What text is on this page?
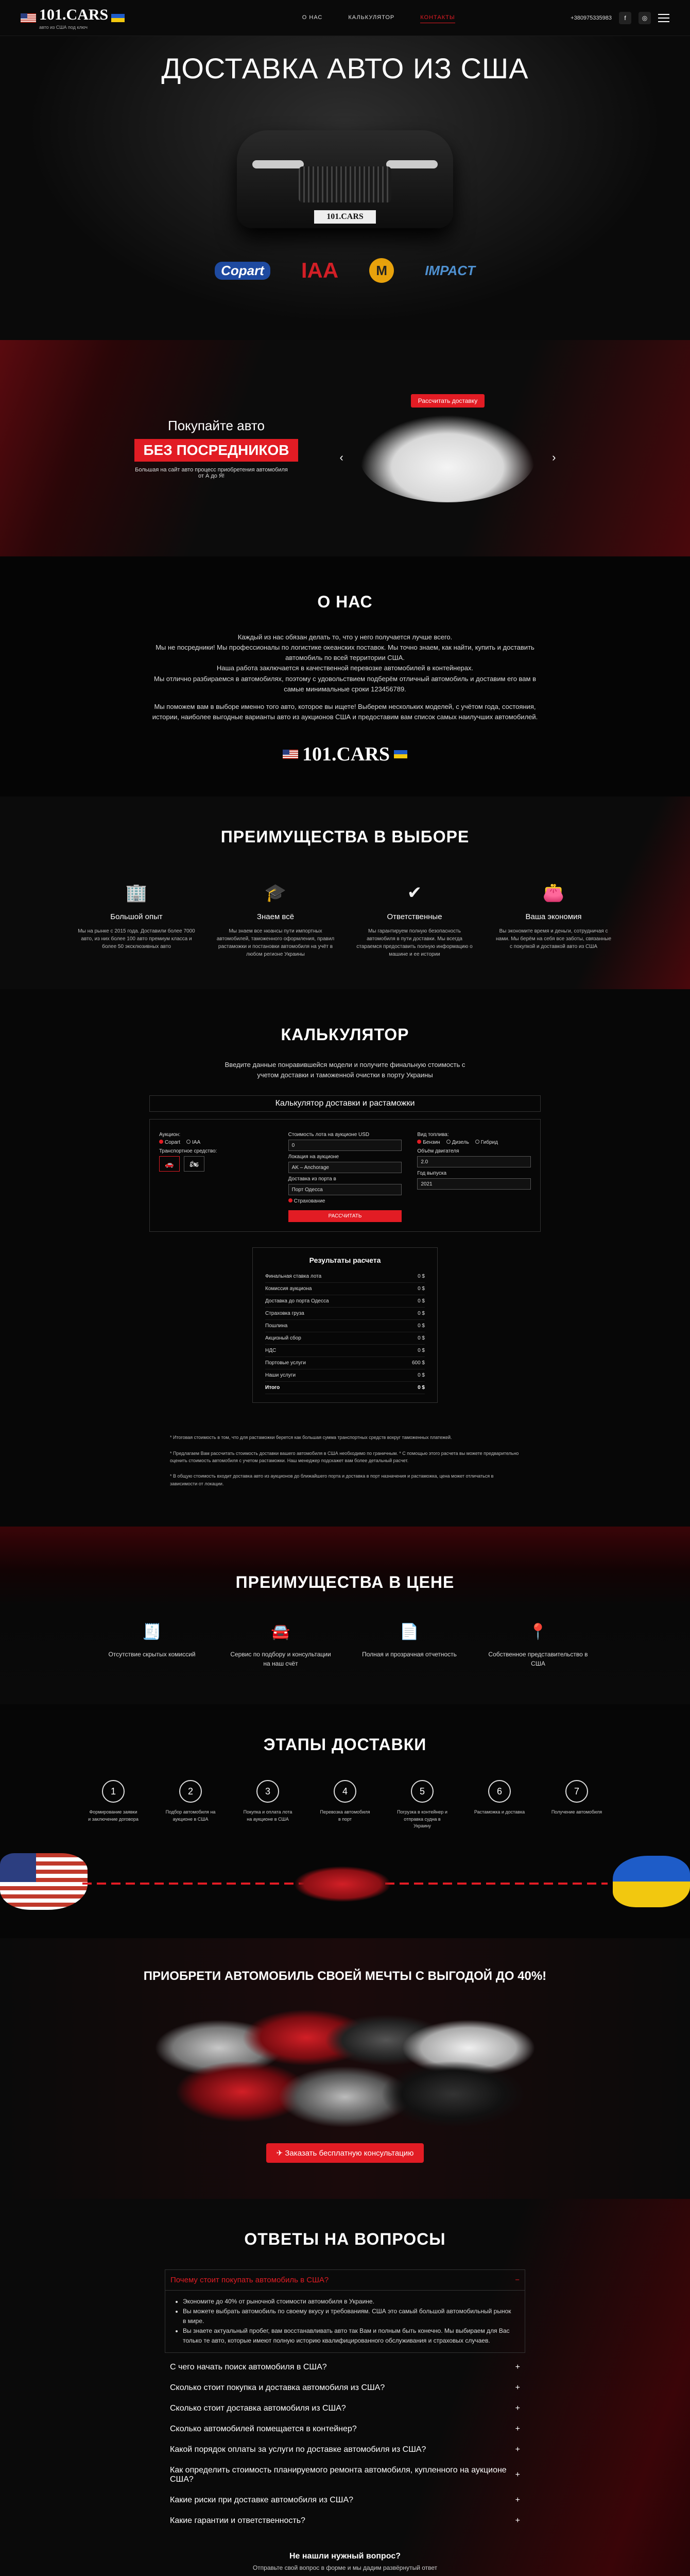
101.CARS
авто из США под ключ
О НАС	КАЛЬКУЛЯТОР	КОНТАКТЫ	+380975335983	f	◎
ДОСТАВКА АВТО ИЗ США
101.CARS
Copart IAA	M	IMPACT
Покупайте авто
БЕЗ ПОСРЕДНИКОВ
Большая на сайт авто процесс приобретения автомобиля от А до Я!
Рассчитать доставку
‹	›
О НАС

Каждый из нас обязан делать то, что у него получается лучше всего.

Мы не посредники! Мы профессионалы по логистике океанских поставок. Мы точно знаем, как найти, купить и доставить автомобиль по всей территории США.

Наша работа заключается в качественной перевозке автомобилей в контейнерах.

Мы отлично разбираемся в автомобилях, поэтому с удовольствием подберём отличный автомобиль и доставим его вам в самые минимальные сроки 123456789.

Мы поможем вам в выборе именно того авто, которое вы ищете! Выберем нескольких моделей, с учётом года, состояния, истории, наиболее выгодные варианты авто из аукционов США и предоставим вам список самых наилучших автомобилей.

101.CARS
ПРЕИМУЩЕСТВА В ВЫБОРЕ
🏢
Большой опыт
Мы на рынке с 2015 года. Доставили более 7000 авто, из них более 100 авто премиум класса и более 50 эксклюзивных авто
🎓
Знаем всё
Мы знаем все нюансы пути импортных автомобилей, таможенного оформления, правил растаможки и постановки автомобиля на учёт в любом регионе Украины
✔
Ответственные
Мы гарантируем полную безопасность автомобиля в пути доставки. Мы всегда стараемся предоставить полную информацию о машине и ее истории
👛
Ваша экономия
Вы экономите время и деньги, сотрудничая с нами. Мы берём на себя все заботы, связанные с покупкой и доставкой авто из США
КАЛЬКУЛЯТОР
Введите данные понравившейся модели и получите финальную стоимость с учетом доставки и таможенной очистки в порту Украины
Калькулятор доставки и растаможки
Аукцион:
Copart	IAA
Транспортное средство:
🚗	🏍
Стоимость лота на аукционе USD
0
Локация на аукционе
AK – Anchorage
Доставка из порта в
Порт Одесса
Страхование
РАССЧИТАТЬ
Вид топлива:
Бензин	Дизель	Гибрид
Объём двигателя
2.0
Год выпуска
2021
Результаты расчета
Финальная ставка лота	0 $
Комиссия аукциона	0 $
Доставка до порта Одесса	0 $
Страховка груза	0 $
Пошлина	0 $
Акцизный сбор	0 $
НДС	0 $
Портовые услуги	600 $
Наши услуги	0 $
Итого	0 $

* Итоговая стоимость в том, что для растаможки берется как большая сумма транспортных средств вокруг таможенных платежей.

* Предлагаем Вам рассчитать стоимость доставки вашего автомобиля в США необходимо по граничным. * С помощью этого расчета вы можете предварительно оценить стоимость автомобиля с учетом растаможки. Наш менеджер подскажет вам более детальный расчет.

* В общую стоимость входит доставка авто из аукционов до ближайшего порта и доставка в порт назначения и растаможка, цена может отличаться в зависимости от локации.

ПРЕИМУЩЕСТВА В ЦЕНЕ
🧾
Отсутствие скрытых комиссий
🚘
Сервис по подбору и консультации на наш счёт
📄
Полная и прозрачная отчетность
📍
Собственное представительство в США
ЭТАПЫ ДОСТАВКИ
1
Формирование заявки и заключение договора
2
Подбор автомобиля на аукционе в США
3
Покупка и оплата лота на аукционе в США
4
Перевозка автомобиля в порт
5
Погрузка в контейнер и отправка судна в Украину
6
Растаможка и доставка
7
Получение автомобиля
ПРИОБРЕТИ АВТОМОБИЛЬ СВОЕЙ МЕЧТЫ С ВЫГОДОЙ ДО 40%!
✈ Заказать бесплатную консультацию
ОТВЕТЫ НА ВОПРОСЫ
Почему стоит покупать автомобиль в США?	−
• Экономите до 40% от рыночной стоимости автомобиля в Украине.
• Вы можете выбрать автомобиль по своему вкусу и требованиям. США это самый большой автомобильный рынок в мире.
• Вы знаете актуальный пробег, вам восстанавливать авто так Вам и полным быть конечно. Мы выбираем для Вас только те авто, которые имеют полную историю квалифицированного обслуживания и страховых случаев.
С чего начать поиск автомобиля в США?	+
Сколько стоит покупка и доставка автомобиля из США?	+
Сколько стоит доставка автомобиля из США?	+
Сколько автомобилей помещается в контейнер?	+
Какой порядок оплаты за услуги по доставке автомобиля из США?	+
Как определить стоимость планируемого ремонта автомобиля, купленного на аукционе США?
+
Какие риски при доставке автомобиля из США?	+
Какие гарантии и ответственность?	+
Не нашли нужный вопрос?

Отправьте свой вопрос в форме и мы дадим развёрнутый ответ
